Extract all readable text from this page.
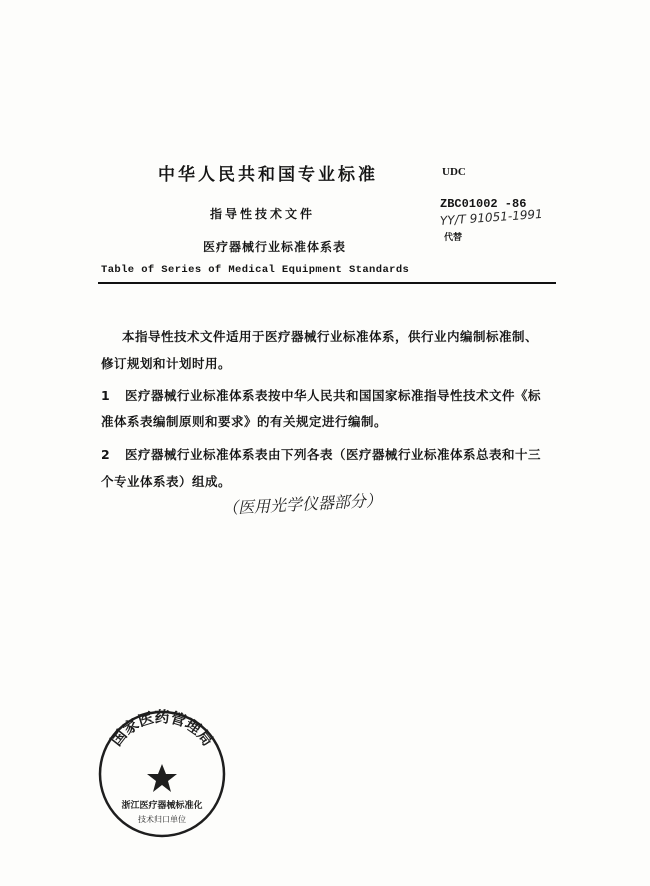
中华人民共和国专业标准	UDC
ZBC01002 -86
YY/T 91051-1991
代替
指导性技术文件
医疗器械行业标准体系表
Table of Series of Medical Equipment Standards
本指导性技术文件适用于医疗器械行业标准体系，供行业内编制标准制、
修订规划和计划时用。
1 医疗器械行业标准体系表按中华人民共和国国家标准指导性技术文件《标
准体系表编制原则和要求》的有关规定进行编制。
2 医疗器械行业标准体系表由下列各表（医疗器械行业标准体系总表和十三
个专业体系表）组成。
（医用光学仪器部分）
国家医药管理局
浙江医疗器械标准化
技术归口单位
